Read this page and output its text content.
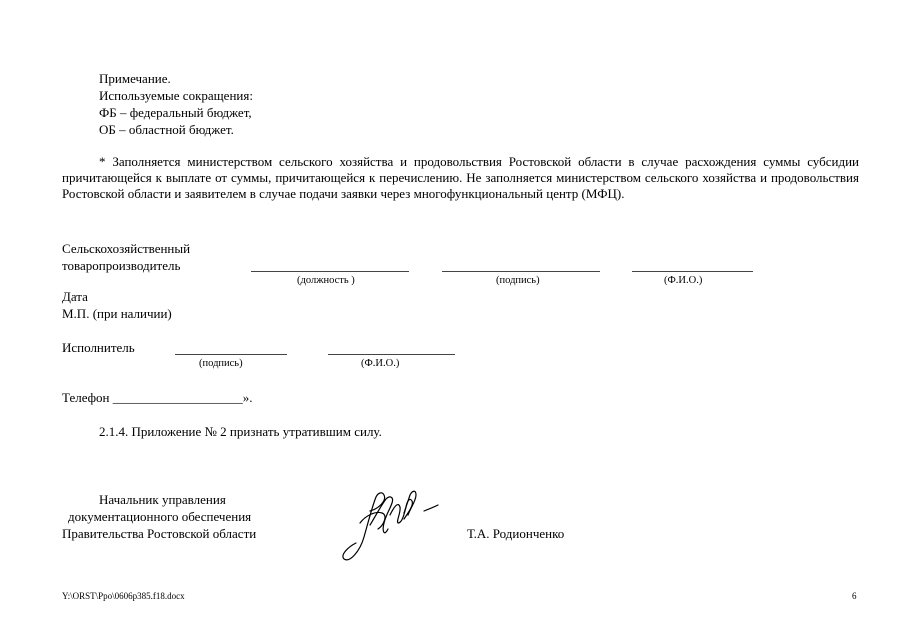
Примечание.
Используемые сокращения:
ФБ – федеральный бюджет,
ОБ – областной бюджет.
* Заполняется министерством сельского хозяйства и продовольствия Ростовской области в случае расхождения суммы субсидии причитающейся к выплате от суммы, причитающейся к перечислению. Не заполняется министерством сельского хозяйства и продовольствия Ростовской области и заявителем в случае подачи заявки через многофункциональный центр (МФЦ).
Сельскохозяйственный
товаропроизводитель
(должность )	(подпись)	(Ф.И.О.)
Дата
М.П. (при наличии)
Исполнитель
(подпись)	(Ф.И.О.)
Телефон ____________________».
2.1.4. Приложение № 2 признать утратившим силу.
Начальник управления
документационного обеспечения
Правительства Ростовской области	Т.А. Родионченко
Y:\ORST\Ppo\0606p385.f18.docx	6
